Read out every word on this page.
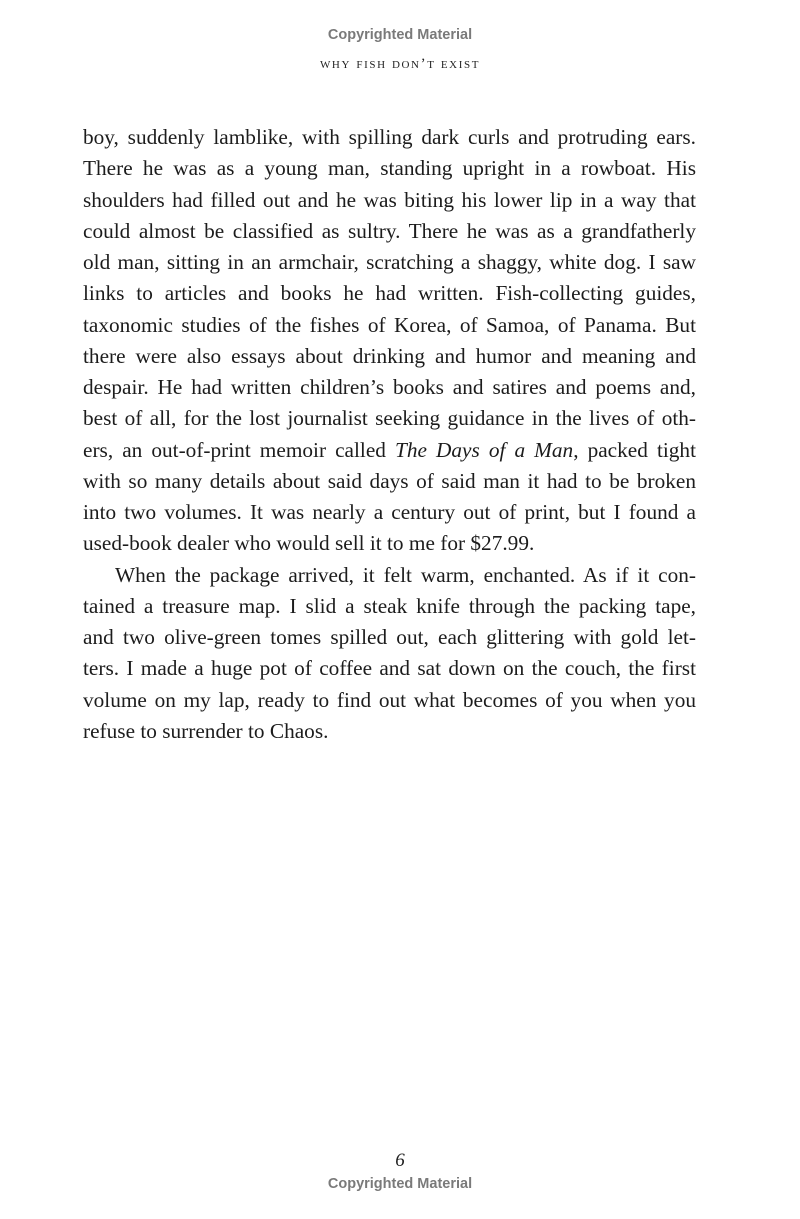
Copyrighted Material
why fish don’t exist
boy, suddenly lamblike, with spilling dark curls and protruding ears.
There he was as a young man, standing upright in a rowboat. His
shoulders had filled out and he was biting his lower lip in a way that
could almost be classified as sultry. There he was as a grandfatherly
old man, sitting in an armchair, scratching a shaggy, white dog. I saw
links to articles and books he had written. Fish-collecting guides,
taxonomic studies of the fishes of Korea, of Samoa, of Panama. But
there were also essays about drinking and humor and meaning and
despair. He had written children’s books and satires and poems and,
best of all, for the lost journalist seeking guidance in the lives of oth-
ers, an out-of-print memoir called The Days of a Man, packed tight
with so many details about said days of said man it had to be broken
into two volumes. It was nearly a century out of print, but I found a
used-book dealer who would sell it to me for $27.99.
When the package arrived, it felt warm, enchanted. As if it con-
tained a treasure map. I slid a steak knife through the packing tape,
and two olive-green tomes spilled out, each glittering with gold let-
ters. I made a huge pot of coffee and sat down on the couch, the first
volume on my lap, ready to find out what becomes of you when you
refuse to surrender to Chaos.
6
Copyrighted Material
